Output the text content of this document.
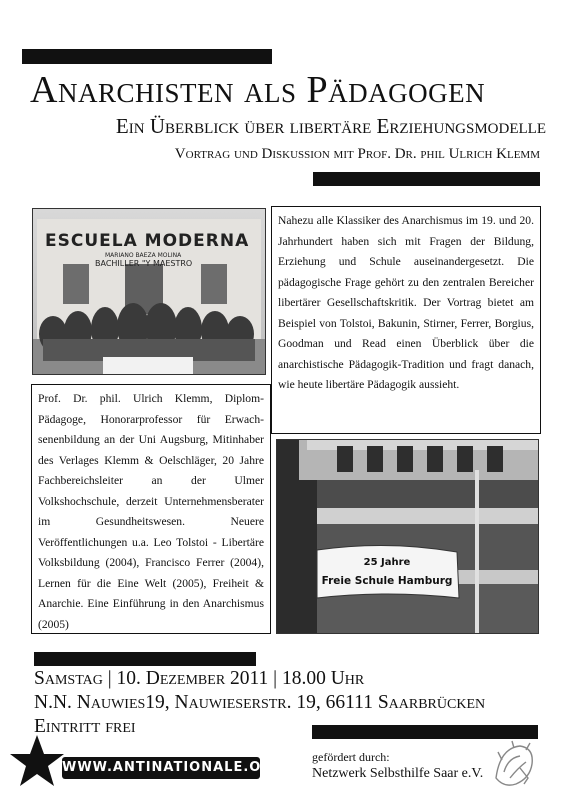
Anarchisten als Pädagogen
Ein Überblick über libertäre Erziehungsmodelle
Vortrag und Diskussion mit Prof. Dr. phil Ulrich Klemm
ESCUELA MODERNA
MARIANO BAEZA MOLINA
BACHILLER "Y MAESTRO
Nahezu alle Klassiker des Anarchismus im 19. und 20. Jahrhundert haben sich mit Fragen der Bildung, Erziehung und Schule auseinandergesetzt. Die pädagogische Frage gehört zu den zentralen Bereicher libertärer Gesellschaftskritik. Der Vortrag bietet am Beispiel von Tolstoi, Bakunin, Stirner, Ferrer, Borgius, Goodman und Read einen Überblick über die anarchistische Pädagogik-Tradition und fragt danach, wie heute libertäre Pädagogik aussieht.
Prof. Dr. phil. Ulrich Klemm, Diplom-Pädagoge, Honorarprofessor für Erwachsenenbildung an der Uni Augsburg, Mitinhaber des Verlages Klemm & Oelschläger, 20 Jahre Fachbereichsleiter an der Ulmer Volkshochschule, derzeit Unternehmensberater im Gesundheitswesen. Neuere Veröffentlichungen u.a. Leo Tolstoi - Libertäre Volksbildung (2004), Francisco Ferrer (2004), Lernen für die Eine Welt (2005), Freiheit & Anarchie. Eine Einführung in den Anarchismus (2005)
25 Jahre
Freie Schule Hamburg
Samstag | 10. Dezember 2011 | 18.00 Uhr
N.N. Nauwies19, Nauwieserstr. 19, 66111 Saarbrücken
Eintritt frei
WWW.ANTINATIONALE.ORG
gefördert durch:
Netzwerk Selbsthilfe Saar e.V.
